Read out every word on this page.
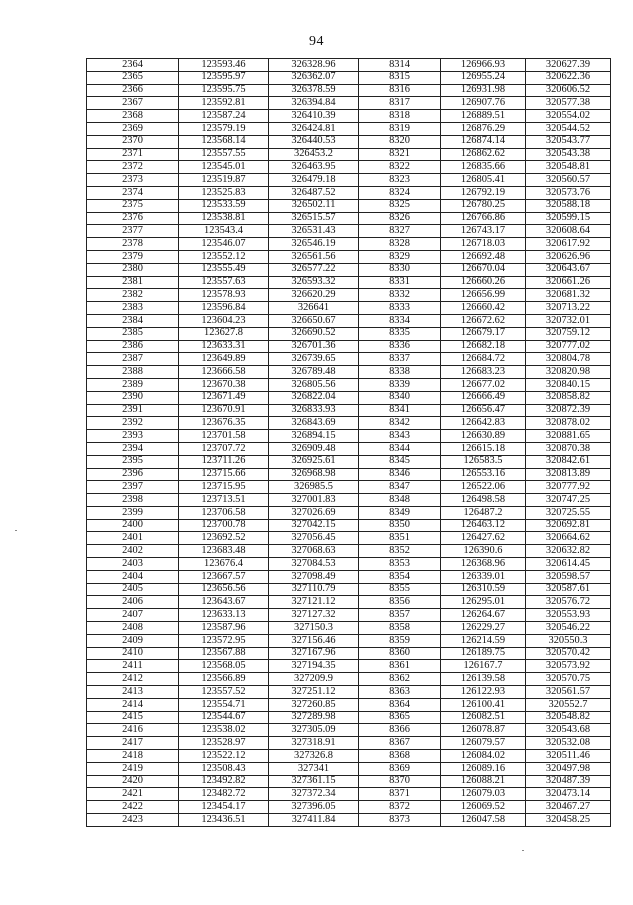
94
2364	123593.46	326328.96	8314	126966.93	320627.39
2365	123595.97	326362.07	8315	126955.24	320622.36
2366	123595.75	326378.59	8316	126931.98	320606.52
2367	123592.81	326394.84	8317	126907.76	320577.38
2368	123587.24	326410.39	8318	126889.51	320554.02
2369	123579.19	326424.81	8319	126876.29	320544.52
2370	123568.14	326440.53	8320	126874.14	320543.77
2371	123557.55	326453.2	8321	126862.62	320543.38
2372	123545.01	326463.95	8322	126835.66	320548.81
2373	123519.87	326479.18	8323	126805.41	320560.57
2374	123525.83	326487.52	8324	126792.19	320573.76
2375	123533.59	326502.11	8325	126780.25	320588.18
2376	123538.81	326515.57	8326	126766.86	320599.15
2377	123543.4	326531.43	8327	126743.17	320608.64
2378	123546.07	326546.19	8328	126718.03	320617.92
2379	123552.12	326561.56	8329	126692.48	320626.96
2380	123555.49	326577.22	8330	126670.04	320643.67
2381	123557.63	326593.32	8331	126660.26	320661.26
2382	123578.93	326620.29	8332	126656.99	320681.32
2383	123596.84	326641	8333	126660.42	320713.22
2384	123604.23	326650.67	8334	126672.62	320732.01
2385	123627.8	326690.52	8335	126679.17	320759.12
2386	123633.31	326701.36	8336	126682.18	320777.02
2387	123649.89	326739.65	8337	126684.72	320804.78
2388	123666.58	326789.48	8338	126683.23	320820.98
2389	123670.38	326805.56	8339	126677.02	320840.15
2390	123671.49	326822.04	8340	126666.49	320858.82
2391	123670.91	326833.93	8341	126656.47	320872.39
2392	123676.35	326843.69	8342	126642.83	320878.02
2393	123701.58	326894.15	8343	126630.89	320881.65
2394	123707.72	326909.48	8344	126615.18	320870.38
2395	123711.26	326925.61	8345	126583.5	320842.61
2396	123715.66	326968.98	8346	126553.16	320813.89
2397	123715.95	326985.5	8347	126522.06	320777.92
2398	123713.51	327001.83	8348	126498.58	320747.25
2399	123706.58	327026.69	8349	126487.2	320725.55
2400	123700.78	327042.15	8350	126463.12	320692.81
2401	123692.52	327056.45	8351	126427.62	320664.62
2402	123683.48	327068.63	8352	126390.6	320632.82
2403	123676.4	327084.53	8353	126368.96	320614.45
2404	123667.57	327098.49	8354	126339.01	320598.57
2405	123656.56	327110.79	8355	126310.59	320587.61
2406	123643.67	327121.12	8356	126295.01	320576.72
2407	123633.13	327127.32	8357	126264.67	320553.93
2408	123587.96	327150.3	8358	126229.27	320546.22
2409	123572.95	327156.46	8359	126214.59	320550.3
2410	123567.88	327167.96	8360	126189.75	320570.42
2411	123568.05	327194.35	8361	126167.7	320573.92
2412	123566.89	327209.9	8362	126139.58	320570.75
2413	123557.52	327251.12	8363	126122.93	320561.57
2414	123554.71	327260.85	8364	126100.41	320552.7
2415	123544.67	327289.98	8365	126082.51	320548.82
2416	123538.02	327305.09	8366	126078.87	320543.68
2417	123528.97	327318.91	8367	126079.57	320532.08
2418	123522.12	327326.8	8368	126084.02	320511.46
2419	123508.43	327341	8369	126089.16	320497.98
2420	123492.82	327361.15	8370	126088.21	320487.39
2421	123482.72	327372.34	8371	126079.03	320473.14
2422	123454.17	327396.05	8372	126069.52	320467.27
2423	123436.51	327411.84	8373	126047.58	320458.25
